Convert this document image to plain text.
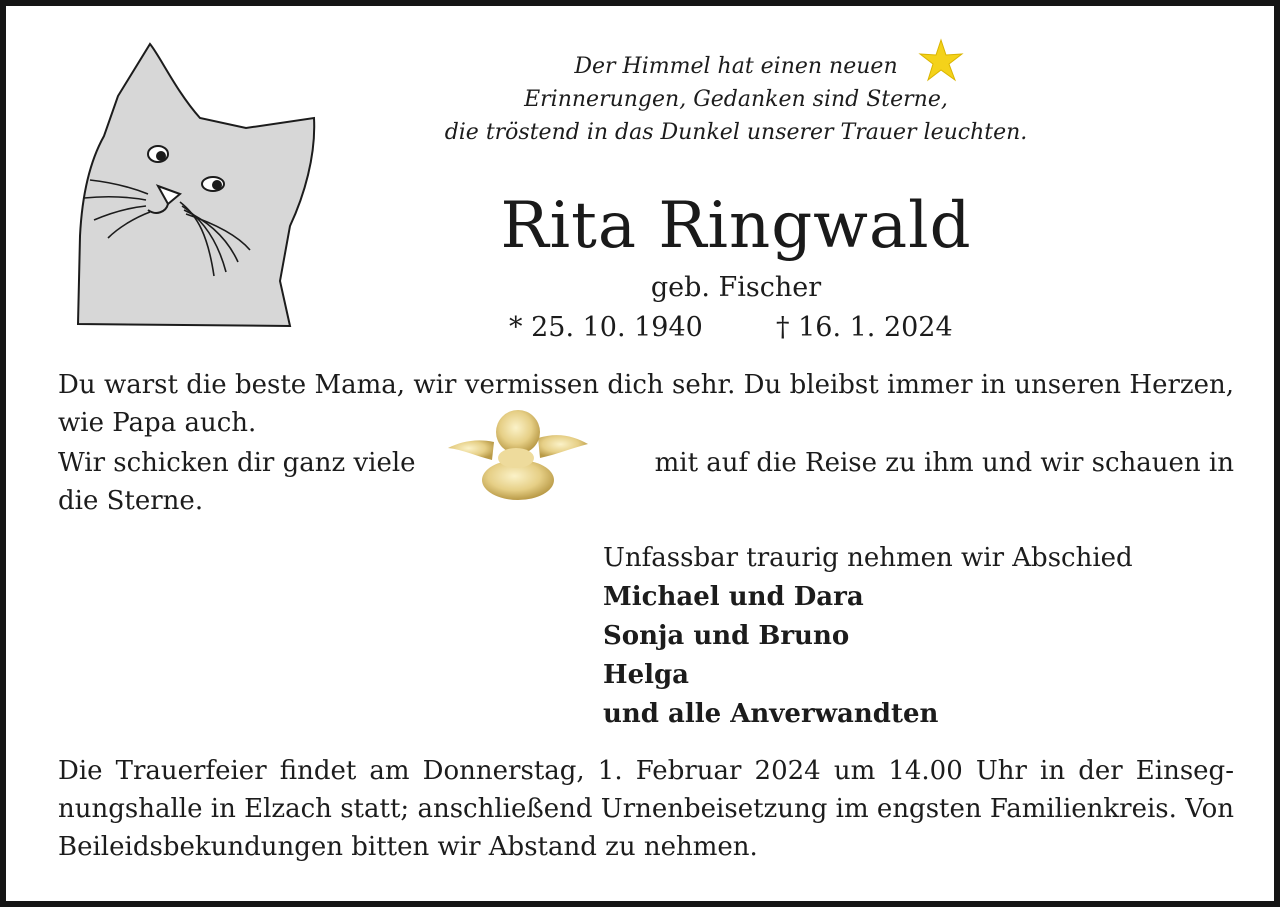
Der Himmel hat einen neuen
Erinnerungen, Gedanken sind Sterne,
die tröstend in das Dunkel unserer Trauer leuchten.
Rita Ringwald
geb. Fischer
* 25. 10. 1940	† 16. 1. 2024
Du warst die beste Mama, wir vermissen dich sehr. Du bleibst immer in unseren Herzen, wie Papa auch.
Wir schicken dir ganz viele	mit auf die Reise zu ihm und wir schauen in
die Sterne.
Unfassbar traurig nehmen wir Abschied
Michael und Dara
Sonja und Bruno
Helga
und alle Anverwandten
Die Trauerfeier findet am Donnerstag, 1. Februar 2024 um 14.00 Uhr in der Einsegnungshalle in Elzach statt; anschließend Urnenbeisetzung im engsten Familienkreis. Von Beileidsbekundungen bitten wir Abstand zu nehmen.
